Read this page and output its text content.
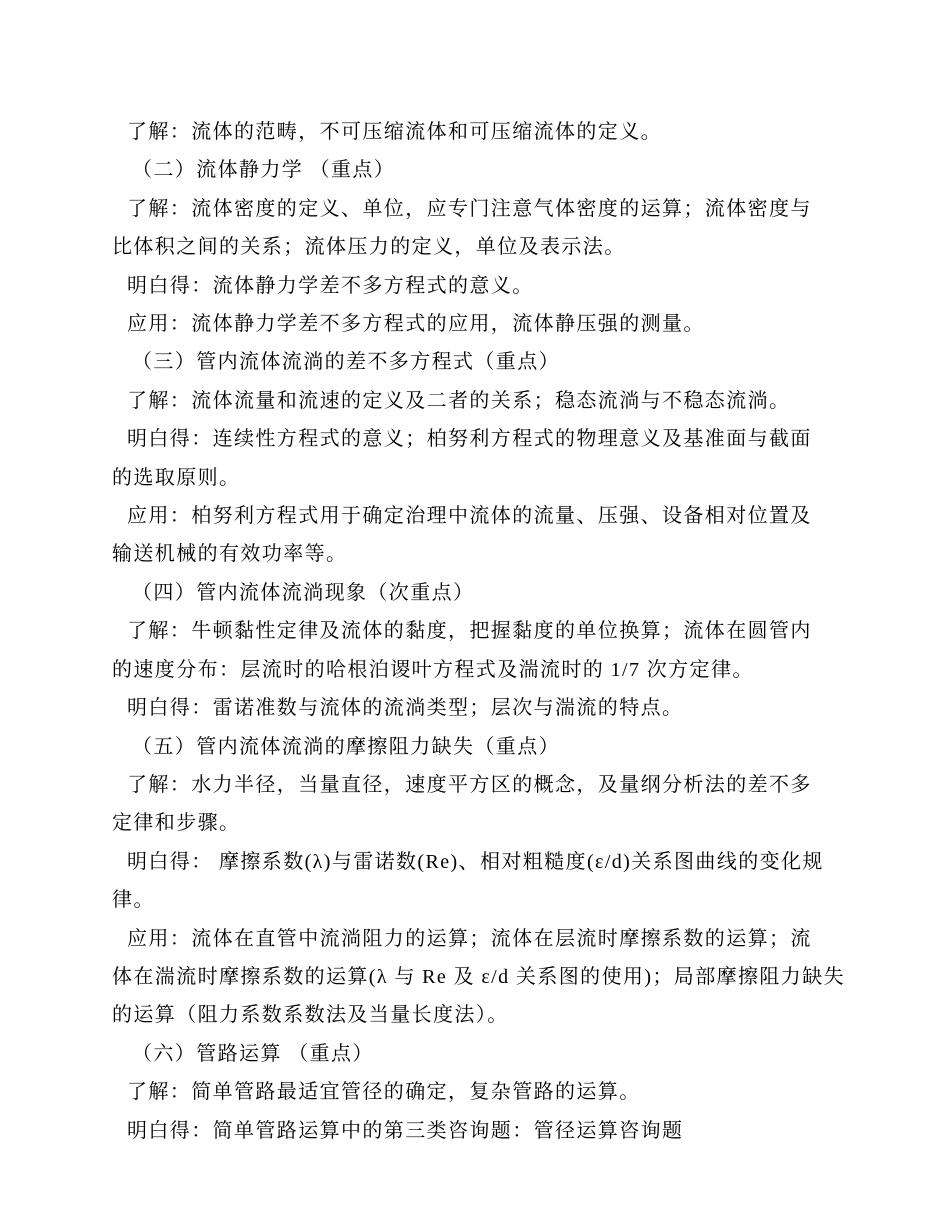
了解：流体的范畴，不可压缩流体和可压缩流体的定义。
（二）流体静力学 （重点）
了解：流体密度的定义、单位，应专门注意气体密度的运算；流体密度与
比体积之间的关系；流体压力的定义，单位及表示法。
明白得：流体静力学差不多方程式的意义。
应用：流体静力学差不多方程式的应用，流体静压强的测量。
（三）管内流体流淌的差不多方程式（重点）
了解：流体流量和流速的定义及二者的关系；稳态流淌与不稳态流淌。
明白得：连续性方程式的意义；柏努利方程式的物理意义及基准面与截面
的选取原则。
应用：柏努利方程式用于确定治理中流体的流量、压强、设备相对位置及
输送机械的有效功率等。
（四）管内流体流淌现象（次重点）
了解：牛顿黏性定律及流体的黏度，把握黏度的单位换算；流体在圆管内
的速度分布：层流时的哈根泊谡叶方程式及湍流时的 1/7 次方定律。
明白得：雷诺准数与流体的流淌类型；层次与湍流的特点。
（五）管内流体流淌的摩擦阻力缺失（重点）
了解：水力半径，当量直径，速度平方区的概念，及量纲分析法的差不多
定律和步骤。
明白得： 摩擦系数(λ)与雷诺数(Re)、相对粗糙度(ε/d)关系图曲线的变化规
律。
应用：流体在直管中流淌阻力的运算；流体在层流时摩擦系数的运算；流
体在湍流时摩擦系数的运算(λ 与 Re 及 ε/d 关系图的使用)；局部摩擦阻力缺失
的运算（阻力系数系数法及当量长度法）。
（六）管路运算 （重点）
了解：简单管路最适宜管径的确定，复杂管路的运算。
明白得：简单管路运算中的第三类咨询题：管径运算咨询题
